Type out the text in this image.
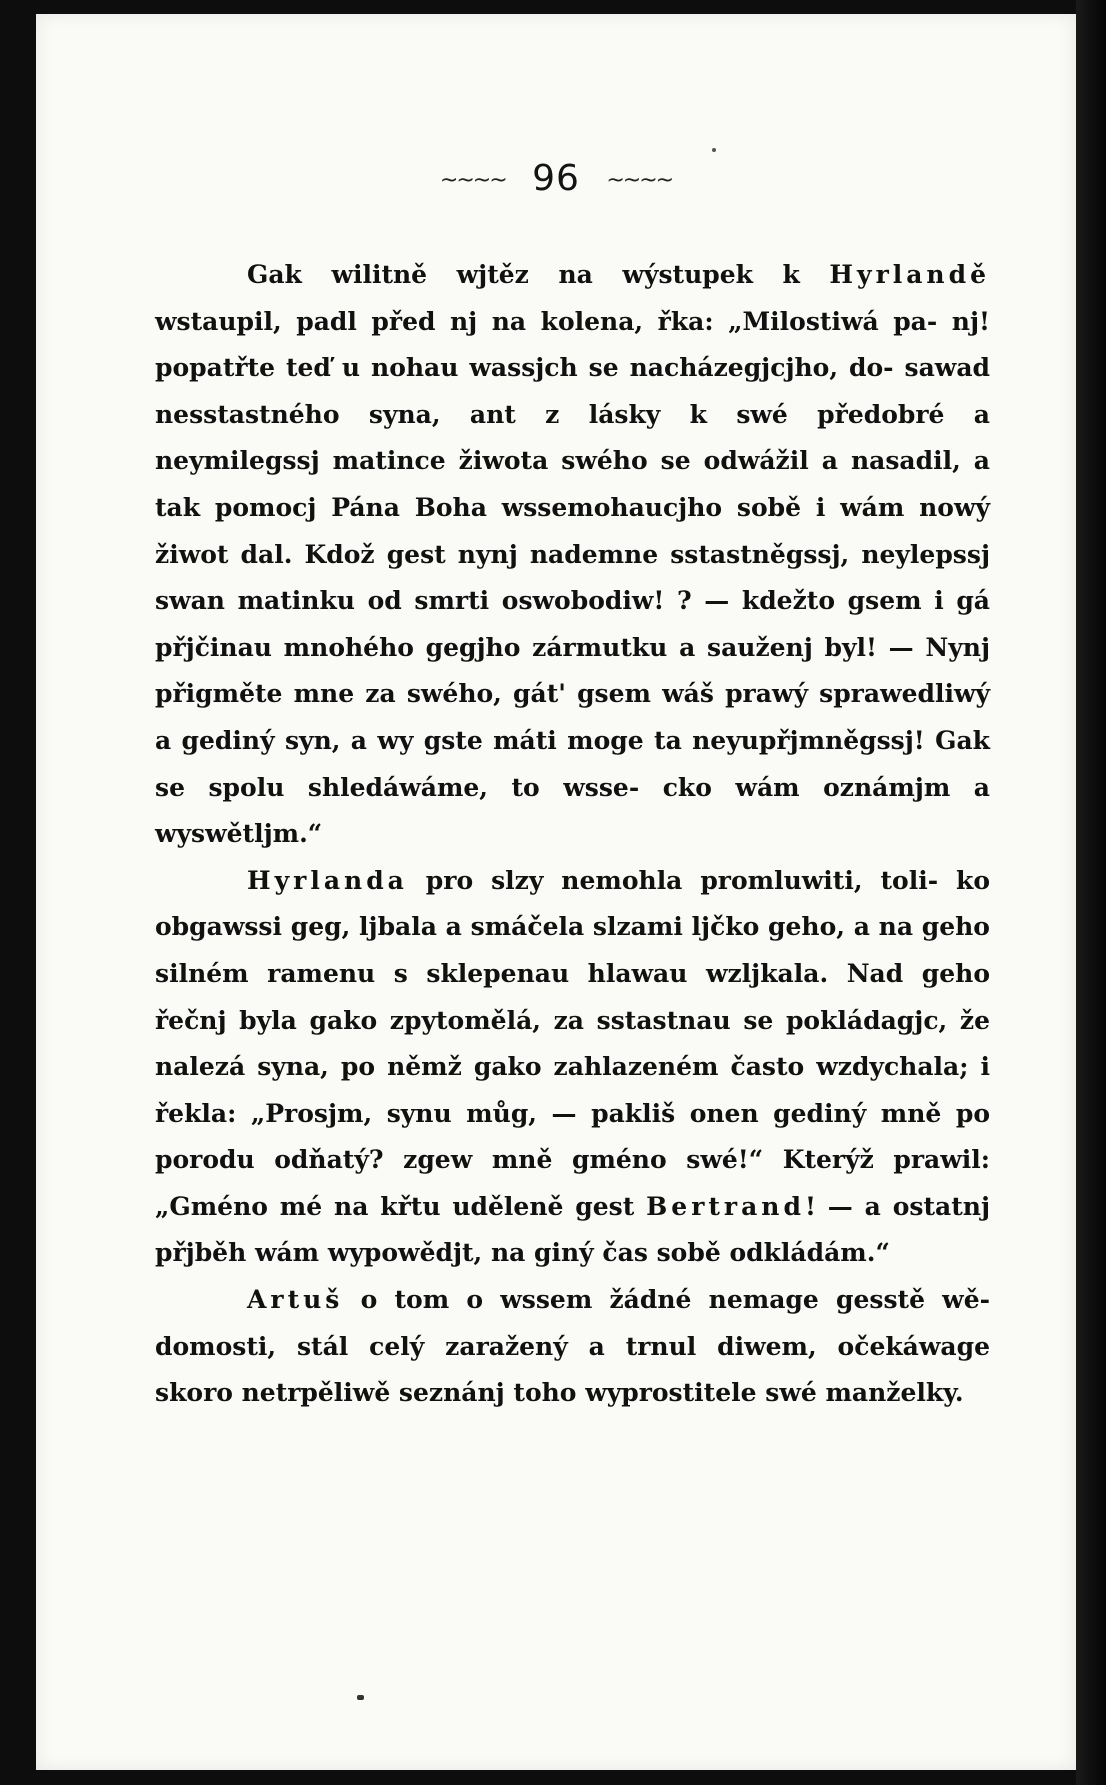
~~~~ 96 ~~~~

Gak wilitně wjtěz na wýstupek k Hyrlandě wstaupil, padl před nj na kolena, řka: „Milostiwá pa- nj! popatřte teď u nohau wassjch se nacházegjcjho, do- sawad nesstastného syna, ant z lásky k swé předobré a neymilegssj matince žiwota swého se odwážil a nasadil, a tak pomocj Pána Boha wssemohaucjho sobě i wám nowý žiwot dal. Kdož gest nynj nademne sstastněgssj, neylepssj swan matinku od smrti oswobodiw! ? — kdežto gsem i gá přjčinau mnohého gegjho zármutku a sauženj byl! — Nynj přigměte mne za swého, gát' gsem wáš prawý sprawedliwý a gediný syn, a wy gste máti moge ta neyupřjmněgssj! Gak se spolu shledáwáme, to wsse- cko wám oznámjm a wyswětljm.“

Hyrlanda pro slzy nemohla promluwiti, toli- ko obgawssi geg, ljbala a smáčela slzami ljčko geho, a na geho silném ramenu s sklepenau hlawau wzljkala. Nad geho řečnj byla gako zpytomělá, za sstastnau se pokládagjc, že nalezá syna, po němž gako zahlazeném často wzdychala; i řekla: „Prosjm, synu můg, — pakliš onen gediný mně po porodu odňatý? zgew mně gméno swé!“ Kterýž prawil: „Gméno mé na křtu uděleně gest Bertrand! — a ostatnj přjběh wám wypowědjt, na giný čas sobě odkládám.“

Artuš o tom o wssem žádné nemage gesstě wě- domosti, stál celý zaražený a trnul diwem, očekáwage skoro netrpěliwě seznánj toho wyprostitele swé manželky.
